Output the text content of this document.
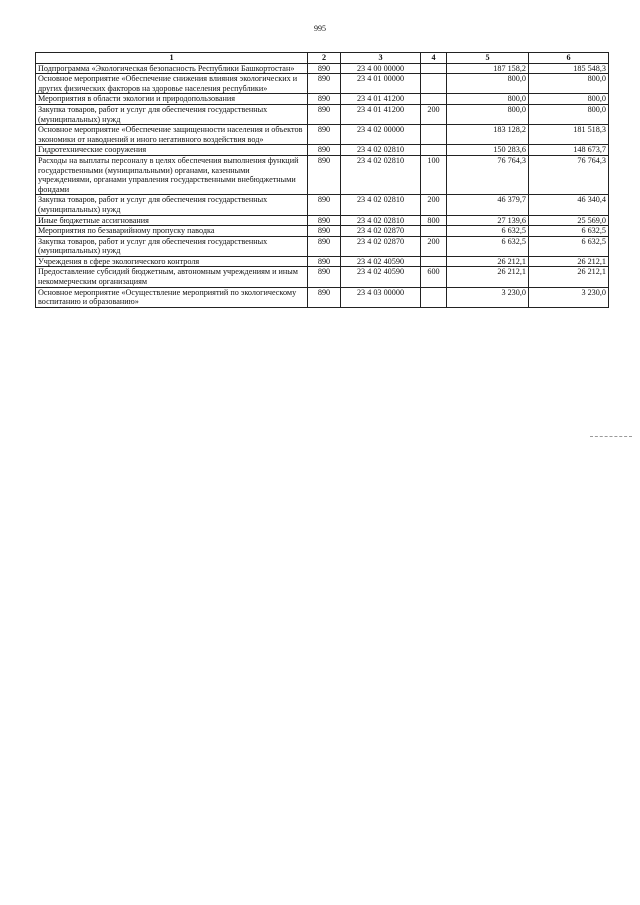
995
1	2	3	4	5	6
Подпрограмма «Экологическая безопасность Республики Башкортостан»	890	23 4 00 00000		187 158,2	185 548,3
Основное мероприятие «Обеспечение снижения влияния экологических и других физических факторов на здоровье населения республики»	890	23 4 01 00000		800,0	800,0
Мероприятия в области экологии и природопользования	890	23 4 01 41200		800,0	800,0
Закупка товаров, работ и услуг для обеспечения государственных (муниципальных) нужд	890	23 4 01 41200	200	800,0	800,0
Основное мероприятие «Обеспечение защищенности населения и объектов экономики от наводнений и иного негативного воздействия вод»	890	23 4 02 00000		183 128,2	181 518,3
Гидротехнические сооружения	890	23 4 02 02810		150 283,6	148 673,7
Расходы на выплаты персоналу в целях обеспечения выполнения функций государственными (муниципальными) органами, казенными учреждениями, органами управления государственными внебюджетными фондами	890	23 4 02 02810	100	76 764,3	76 764,3
Закупка товаров, работ и услуг для обеспечения государственных (муниципальных) нужд	890	23 4 02 02810	200	46 379,7	46 340,4
Иные бюджетные ассигнования	890	23 4 02 02810	800	27 139,6	25 569,0
Мероприятия по безаварийному пропуску паводка	890	23 4 02 02870		6 632,5	6 632,5
Закупка товаров, работ и услуг для обеспечения государственных (муниципальных) нужд	890	23 4 02 02870	200	6 632,5	6 632,5
Учреждения в сфере экологического контроля	890	23 4 02 40590		26 212,1	26 212,1
Предоставление субсидий бюджетным, автономным учреждениям и иным некоммерческим организациям	890	23 4 02 40590	600	26 212,1	26 212,1
Основное мероприятие «Осуществление мероприятий по экологическому воспитанию и образованию»	890	23 4 03 00000		3 230,0	3 230,0
